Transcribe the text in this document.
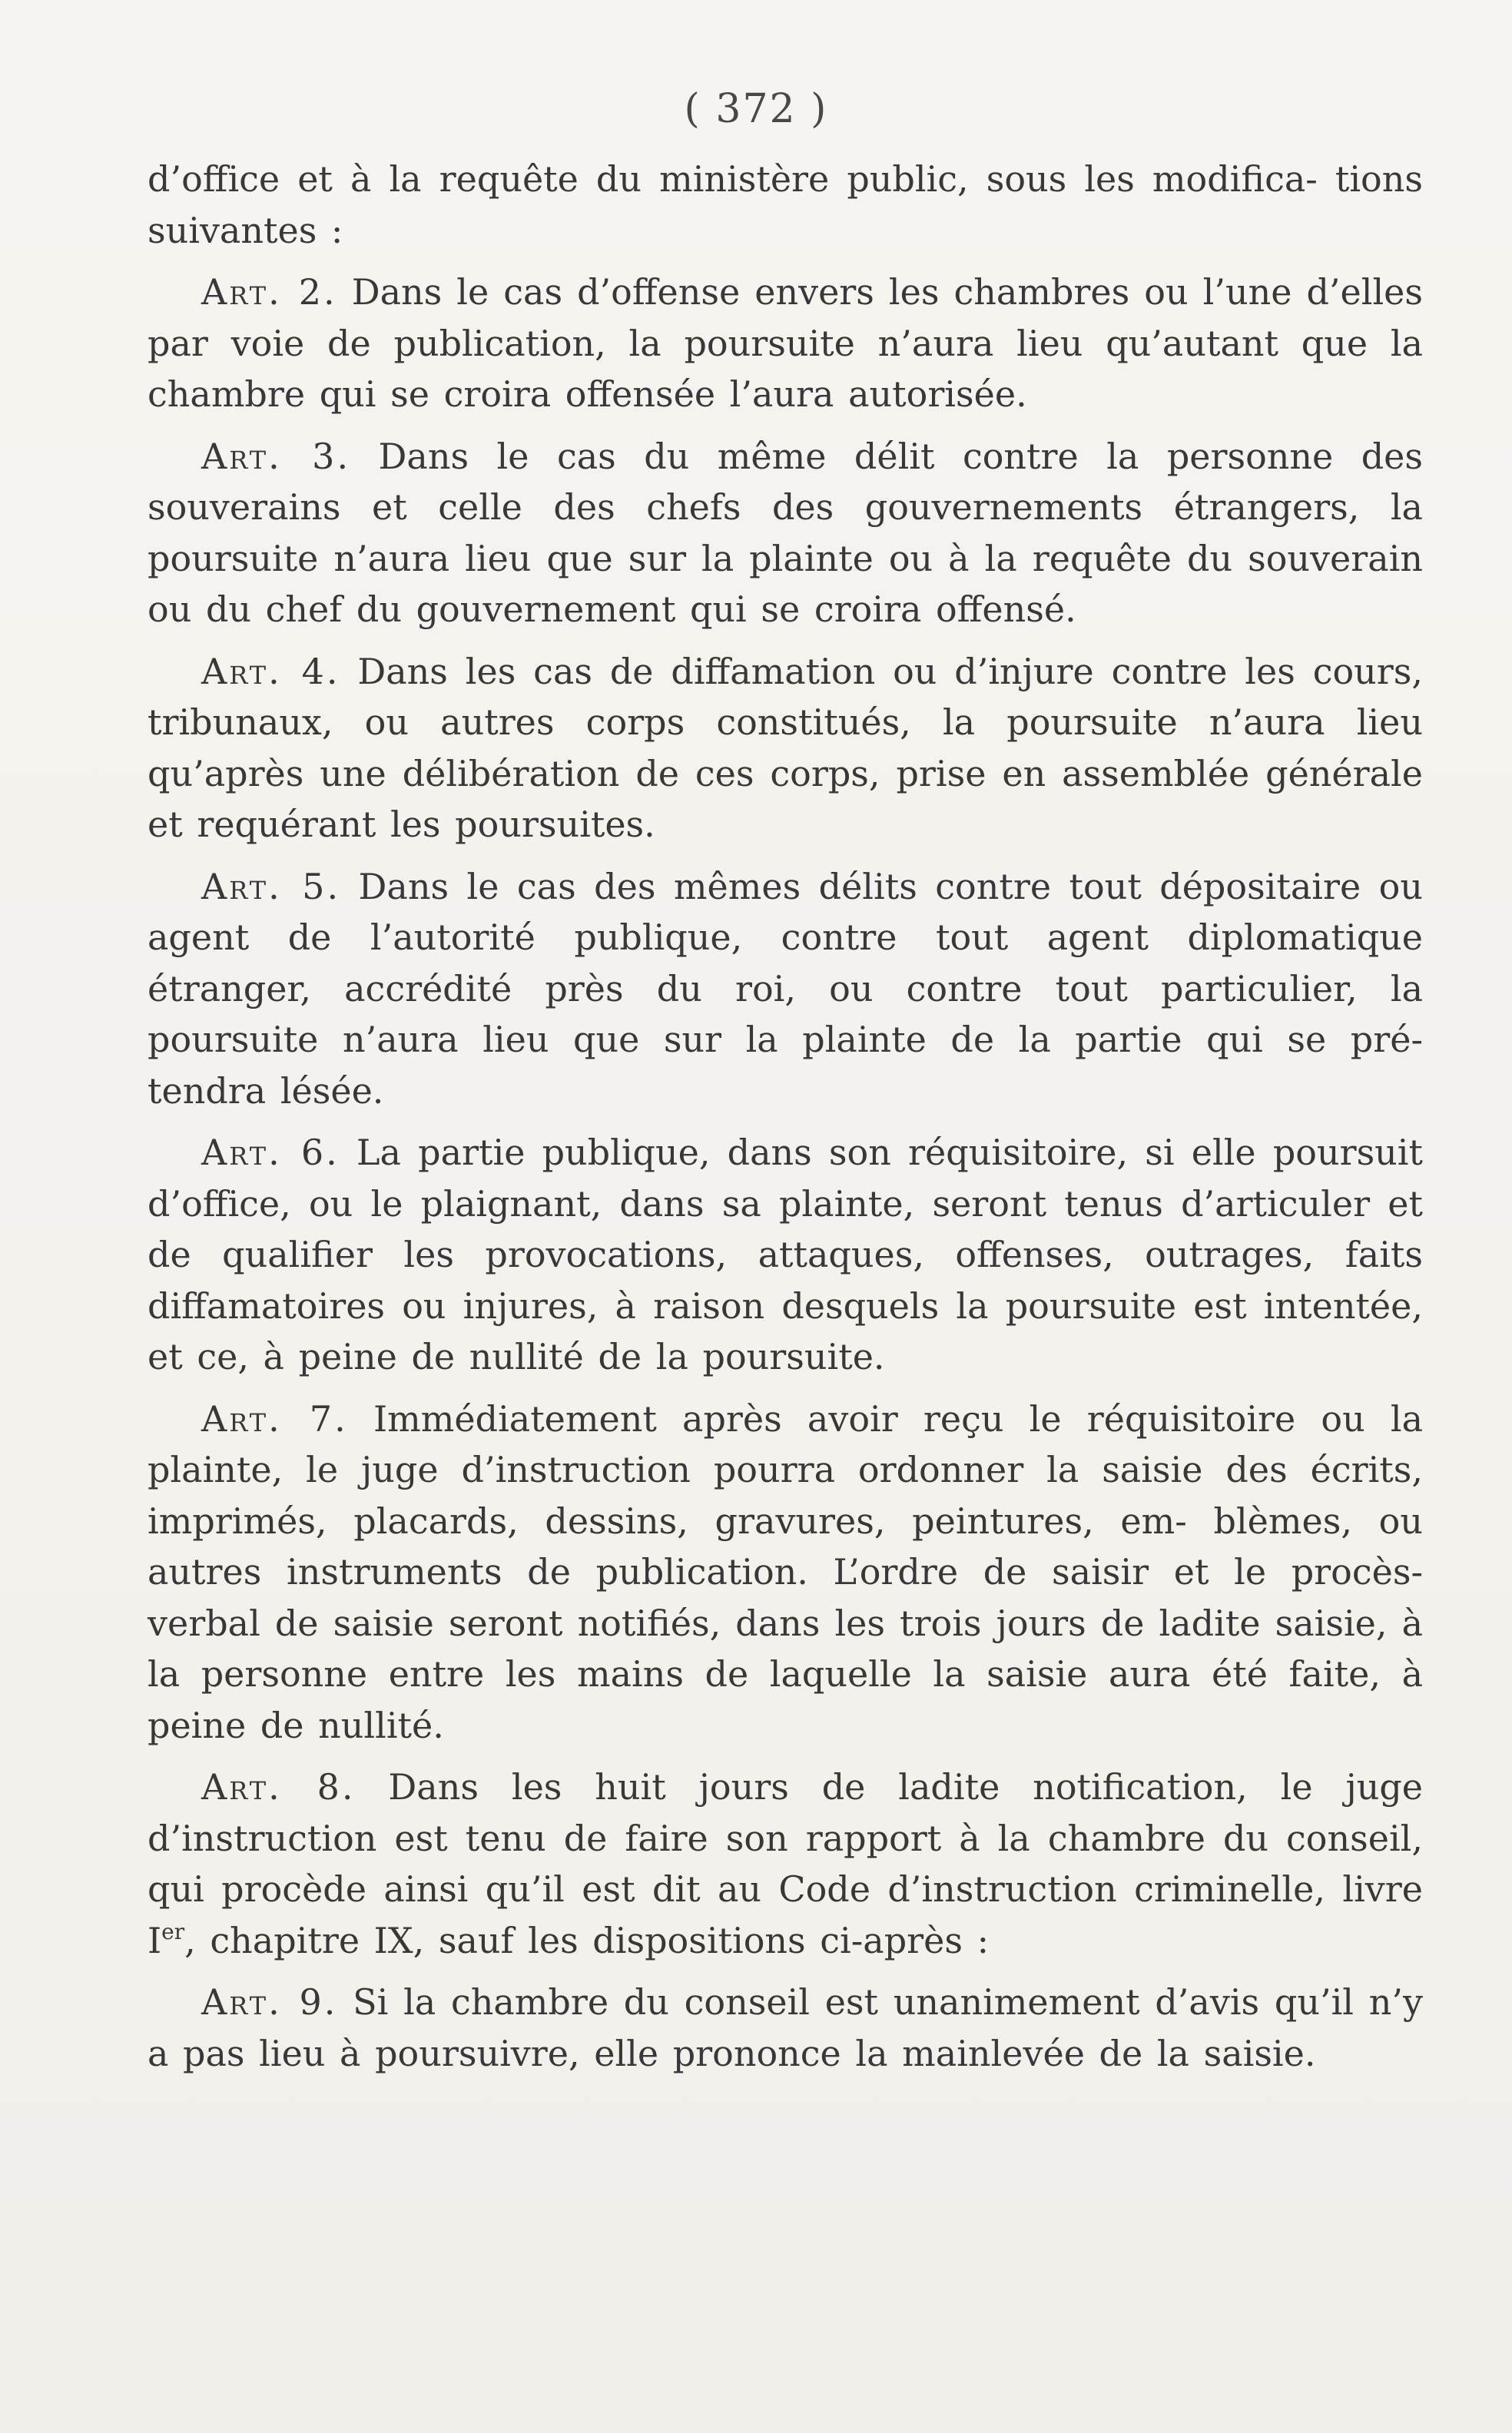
( 372 )

d’office et à la requête du ministère public, sous les modifica- tions suivantes :

Art. 2. Dans le cas d’offense envers les chambres ou l’une d’elles par voie de publication, la poursuite n’aura lieu qu’autant que la chambre qui se croira offensée l’aura autorisée.

Art. 3. Dans le cas du même délit contre la personne des souverains et celle des chefs des gouvernements étrangers, la poursuite n’aura lieu que sur la plainte ou à la requête du souverain ou du chef du gouvernement qui se croira offensé.

Art. 4. Dans les cas de diffamation ou d’injure contre les cours, tribunaux, ou autres corps constitués, la poursuite n’aura lieu qu’après une délibération de ces corps, prise en assemblée générale et requérant les poursuites.

Art. 5. Dans le cas des mêmes délits contre tout dépositaire ou agent de l’autorité publique, contre tout agent diplomatique étranger, accrédité près du roi, ou contre tout particulier, la poursuite n’aura lieu que sur la plainte de la partie qui se pré- tendra lésée.

Art. 6. La partie publique, dans son réquisitoire, si elle poursuit d’office, ou le plaignant, dans sa plainte, seront tenus d’articuler et de qualifier les provocations, attaques, offenses, outrages, faits diffamatoires ou injures, à raison desquels la poursuite est intentée, et ce, à peine de nullité de la poursuite.

Art. 7. Immédiatement après avoir reçu le réquisitoire ou la plainte, le juge d’instruction pourra ordonner la saisie des écrits, imprimés, placards, dessins, gravures, peintures, em- blèmes, ou autres instruments de publication. L’ordre de saisir et le procès-verbal de saisie seront notifiés, dans les trois jours de ladite saisie, à la personne entre les mains de laquelle la saisie aura été faite, à peine de nullité.

Art. 8. Dans les huit jours de ladite notification, le juge d’instruction est tenu de faire son rapport à la chambre du conseil, qui procède ainsi qu’il est dit au Code d’instruction criminelle, livre Ier, chapitre IX, sauf les dispositions ci-après :

Art. 9. Si la chambre du conseil est unanimement d’avis qu’il n’y a pas lieu à poursuivre, elle prononce la mainlevée de la saisie.
